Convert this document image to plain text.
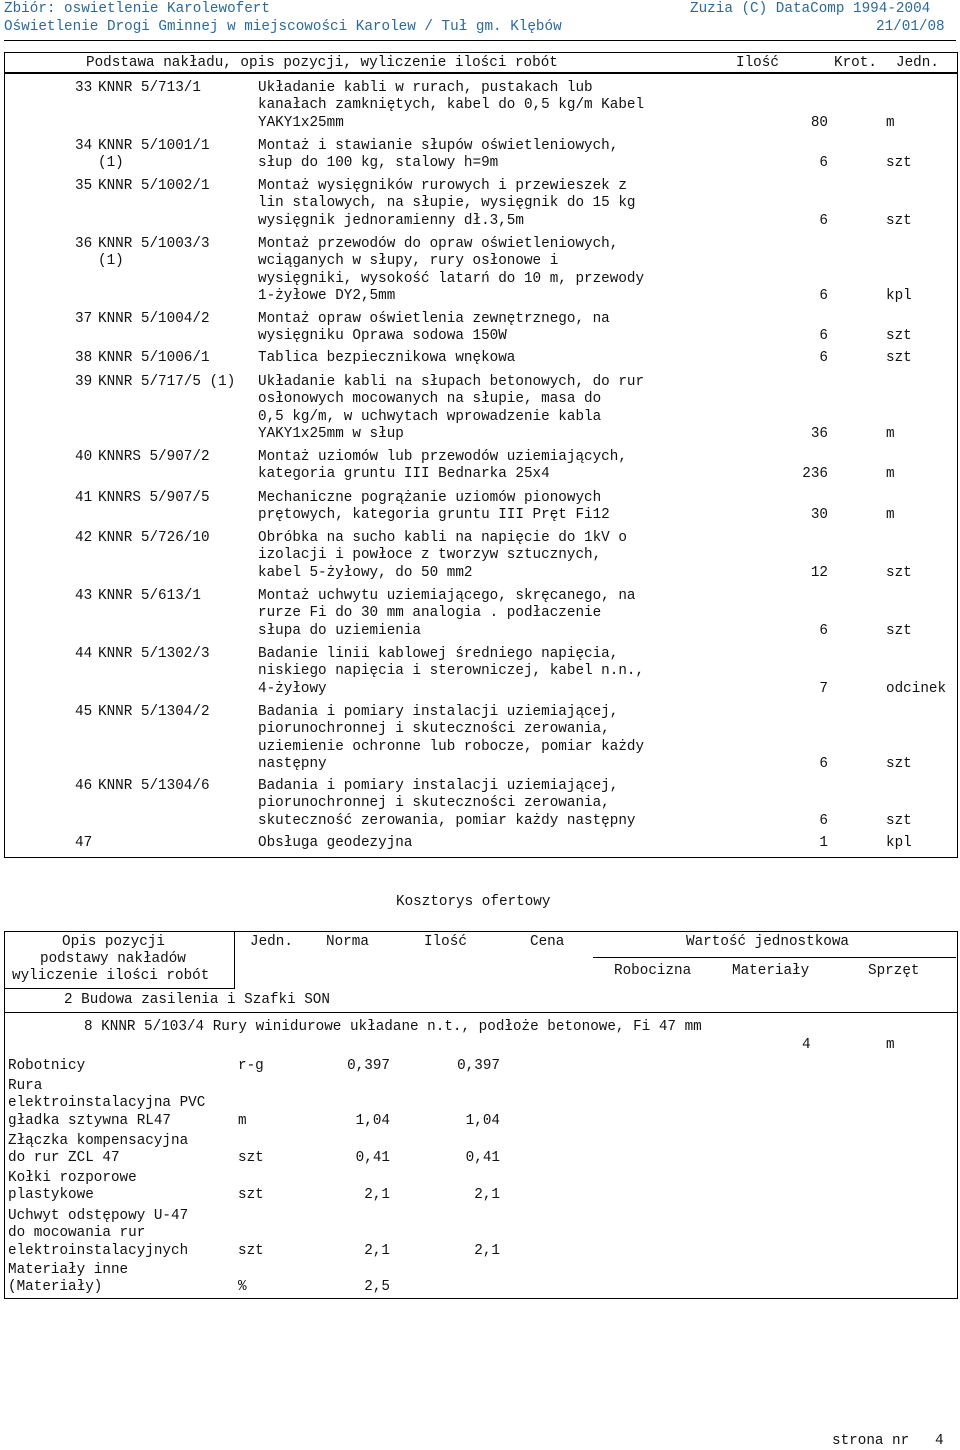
Zbiór: oswietlenie Karolewofert	Zuzia (C) DataComp 1994-2004
Oświetlenie Drogi Gminnej w miejscowości Karolew / Tuł gm. Klębów	21/01/08
Podstawa nakładu, opis pozycji, wyliczenie ilości robót	Ilość	Krot. Jedn.
33 KNNR 5/713/1	Układanie kabli w rurach, pustakach lub
kanałach zamkniętych, kabel do 0,5 kg/m Kabel
YAKY1x25mm	80	m
34 KNNR 5/1001/1
(1)
Montaż i stawianie słupów oświetleniowych,
słup do 100 kg, stalowy h=9m	6	szt
35 KNNR 5/1002/1	Montaż wysięgników rurowych i przewieszek z
lin stalowych, na słupie, wysięgnik do 15 kg
wysięgnik jednoramienny dł.3,5m	6	szt
36 KNNR 5/1003/3
(1)
Montaż przewodów do opraw oświetleniowych,
wciąganych w słupy, rury osłonowe i
wysięgniki, wysokość latarń do 10 m, przewody
1-żyłowe DY2,5mm	6	kpl
37 KNNR 5/1004/2	Montaż opraw oświetlenia zewnętrznego, na
wysięgniku Oprawa sodowa 150W	6	szt
38 KNNR 5/1006/1	Tablica bezpiecznikowa wnękowa	6	szt
39 KNNR 5/717/5 (1) Układanie kabli na słupach betonowych, do rur
osłonowych mocowanych na słupie, masa do
0,5 kg/m, w uchwytach wprowadzenie kabla
YAKY1x25mm w słup	36	m
40 KNNRS 5/907/2	Montaż uziomów lub przewodów uziemiających,
kategoria gruntu III Bednarka 25x4	236	m
41 KNNRS 5/907/5	Mechaniczne pogrążanie uziomów pionowych
prętowych, kategoria gruntu III Pręt Fi12	30	m
42 KNNR 5/726/10	Obróbka na sucho kabli na napięcie do 1kV o
izolacji i powłoce z tworzyw sztucznych,
kabel 5-żyłowy, do 50 mm2	12	szt
43 KNNR 5/613/1	Montaż uchwytu uziemiającego, skręcanego, na
rurze Fi do 30 mm analogia . podłaczenie
słupa do uziemienia	6	szt
44 KNNR 5/1302/3	Badanie linii kablowej średniego napięcia,
niskiego napięcia i sterowniczej, kabel n.n.,
4-żyłowy	7	odcinek
45 KNNR 5/1304/2	Badania i pomiary instalacji uziemiającej,
piorunochronnej i skuteczności zerowania,
uziemienie ochronne lub robocze, pomiar każdy
następny	6	szt
46 KNNR 5/1304/6	Badania i pomiary instalacji uziemiającej,
piorunochronnej i skuteczności zerowania,
skuteczność zerowania, pomiar każdy następny	6	szt
47	Obsługa geodezyjna	1	kpl
Kosztorys ofertowy
Opis pozycji
podstawy nakładów
wyliczenie ilości robót
Jedn. Norma	Ilość	Cena	Wartość jednostkowa
Robocizna	Materiały	Sprzęt
2 Budowa zasilenia i Szafki SON
8 KNNR 5/103/4 Rury winidurowe układane n.t., podłoże betonowe, Fi 47 mm
4	m
Robotnicy	r-g	0,397	0,397
Rura
elektroinstalacyjna PVC
gładka sztywna RL47	m	1,04	1,04
Złączka kompensacyjna
do rur ZCL 47	szt	0,41	0,41
Kołki rozporowe
plastykowe	szt	2,1	2,1
Uchwyt odstępowy U-47
do mocowania rur
elektroinstalacyjnych	szt	2,1	2,1
Materiały inne
(Materiały)	%	2,5
strona nr   4
